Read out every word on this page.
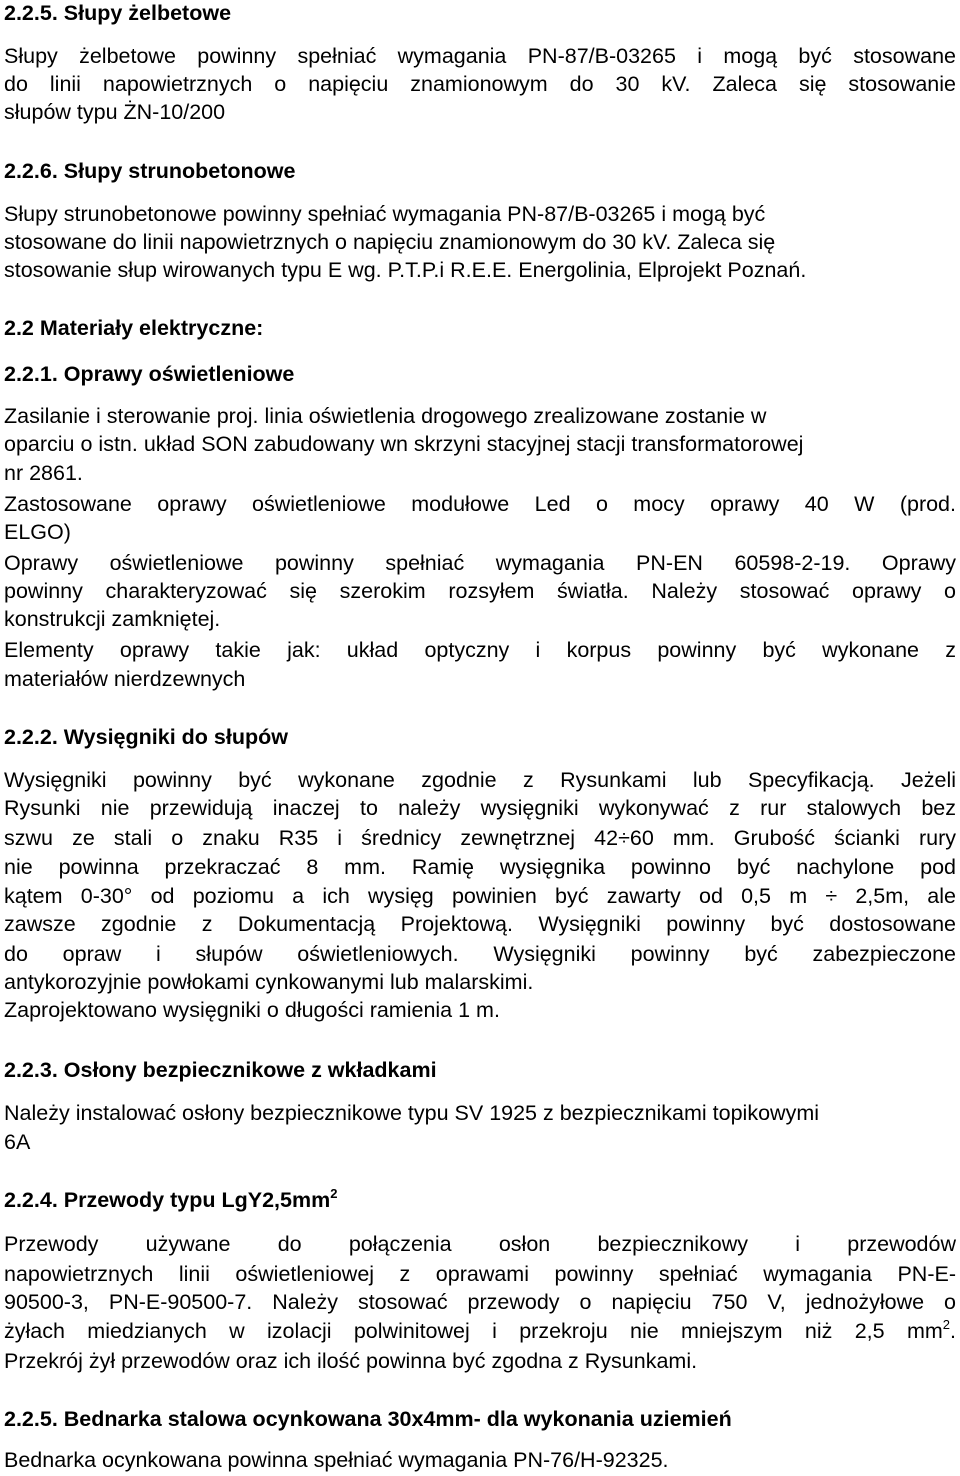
2.2.5. Słupy żelbetowe
Słupy żelbetowe powinny spełniać wymagania PN-87/B-03265 i mogą być stosowane
do linii napowietrznych o napięciu znamionowym do 30 kV. Zaleca się stosowanie
słupów typu ŻN-10/200
2.2.6. Słupy strunobetonowe
Słupy strunobetonowe powinny spełniać wymagania PN-87/B-03265 i mogą być
stosowane do linii napowietrznych o napięciu znamionowym do 30 kV. Zaleca się
stosowanie słup wirowanych typu E wg. P.T.P.i R.E.E. Energolinia, Elprojekt Poznań.
2.2 Materiały elektryczne:
2.2.1. Oprawy oświetleniowe
Zasilanie i sterowanie proj. linia oświetlenia drogowego zrealizowane zostanie w
oparciu o istn. układ SON zabudowany wn skrzyni stacyjnej stacji transformatorowej
nr 2861.
Zastosowane oprawy oświetleniowe modułowe Led o mocy oprawy 40 W (prod.
ELGO)
Oprawy oświetleniowe powinny spełniać wymagania PN-EN 60598-2-19. Oprawy
powinny charakteryzować się szerokim rozsyłem światła. Należy stosować oprawy o
konstrukcji zamkniętej.
Elementy oprawy takie jak: układ optyczny i korpus powinny być wykonane z
materiałów nierdzewnych
2.2.2. Wysięgniki do słupów
Wysięgniki powinny być wykonane zgodnie z Rysunkami lub Specyfikacją. Jeżeli
Rysunki nie przewidują inaczej to należy wysięgniki wykonywać z rur stalowych bez
szwu ze stali o znaku R35 i średnicy zewnętrznej 42÷60 mm. Grubość ścianki rury
nie powinna przekraczać 8 mm. Ramię wysięgnika powinno być nachylone pod
kątem 0-30° od poziomu a ich wysięg powinien być zawarty od 0,5 m ÷ 2,5m, ale
zawsze zgodnie z Dokumentacją Projektową. Wysięgniki powinny być dostosowane
do opraw i słupów oświetleniowych. Wysięgniki powinny być zabezpieczone
antykorozyjnie powłokami cynkowanymi lub malarskimi.
Zaprojektowano wysięgniki o długości ramienia 1 m.
2.2.3. Osłony bezpiecznikowe z wkładkami
Należy instalować osłony bezpiecznikowe typu SV 1925 z bezpiecznikami topikowymi
6A
2.2.4. Przewody typu $LgY2,5mm^2$
Przewody używane do połączenia osłon bezpiecznikowy i przewodów
napowietrznych linii oświetleniowej z oprawami powinny spełniać wymagania PN-E-
90500-3, PN-E-90500-7. Należy stosować przewody o napięciu 750 V, jednożyłowe o
żyłach miedzianych w izolacji polwinitowej i przekroju nie mniejszym niż 2,5 $mm^2$.
Przekrój żył przewodów oraz ich ilość powinna być zgodna z Rysunkami.
2.2.5. Bednarka stalowa ocynkowana 30x4mm- dla wykonania uziemień
Bednarka ocynkowana powinna spełniać wymagania PN-76/H-92325.
